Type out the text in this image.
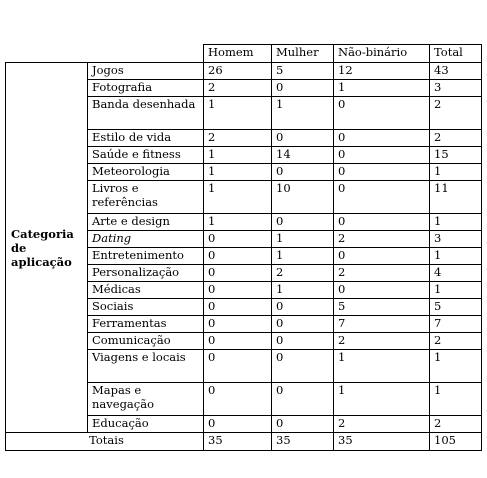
		Homem	Mulher	Não-binário	Total
Categoria de aplicação	Jogos	26	5	12	43
	Fotografia	2	0	1	3
	Banda desenhada	1	1	0	2
	Estilo de vida	2	0	0	2
	Saúde e fitness	1	14	0	15
	Meteorologia	1	0	0	1
	Livros e referências	1	10	0	11
	Arte e design	1	0	0	1
	Dating	0	1	2	3
	Entretenimento	0	1	0	1
	Personalização	0	2	2	4
	Médicas	0	1	0	1
	Sociais	0	0	5	5
	Ferramentas	0	0	7	7
	Comunicação	0	0	2	2
	Viagens e locais	0	0	1	1
	Mapas e navegação	0	0	1	1
	Educação	0	0	2	2
Totais		35	35	35	105
